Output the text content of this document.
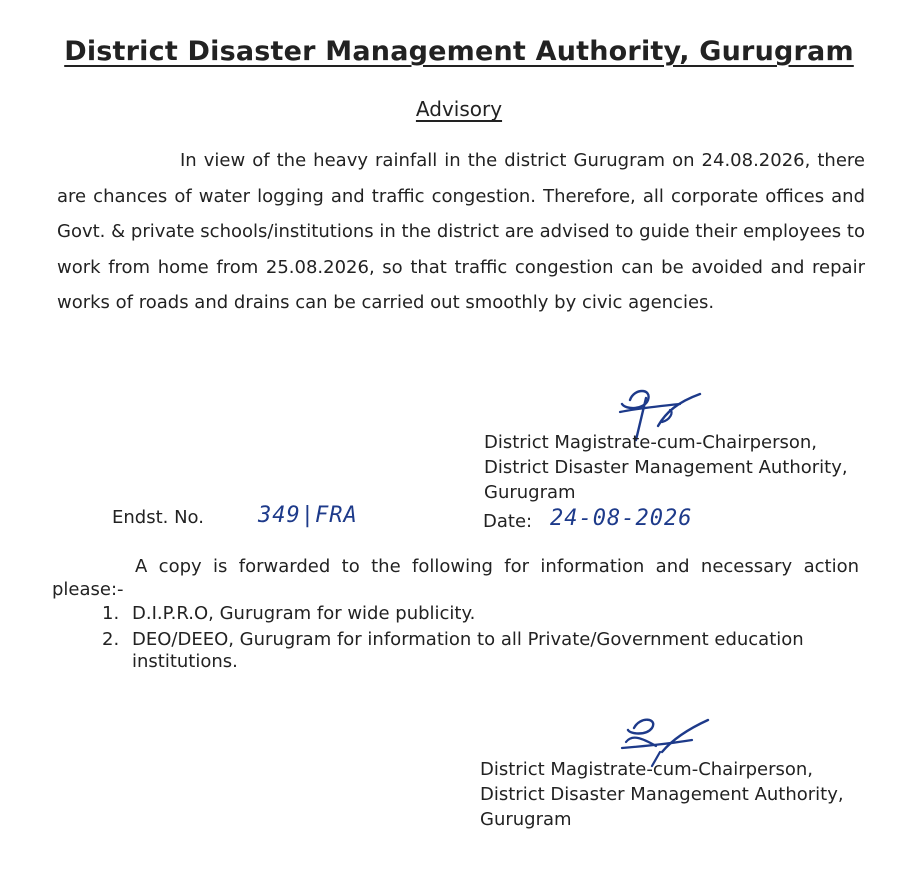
District Disaster Management Authority, Gurugram
Advisory

In view of the heavy rainfall in the district Gurugram on 24.08.2026, there are chances of water logging and traffic congestion. Therefore, all corporate offices and Govt. & private schools/institutions in the district are advised to guide their employees to work from home from 25.08.2026, so that traffic congestion can be avoided and repair works of roads and drains can be carried out smoothly by civic agencies.

District Magistrate-cum-Chairperson,
District Disaster Management Authority,
Gurugram
Endst. No. 349|FRA	Date: 24-08-2026

A copy is forwarded to the following for information and necessary action please:-

1. D.I.P.R.O, Gurugram for wide publicity.
2. DEO/DEEO, Gurugram for information to all Private/Government education institutions.
District Magistrate-cum-Chairperson,
District Disaster Management Authority,
Gurugram
